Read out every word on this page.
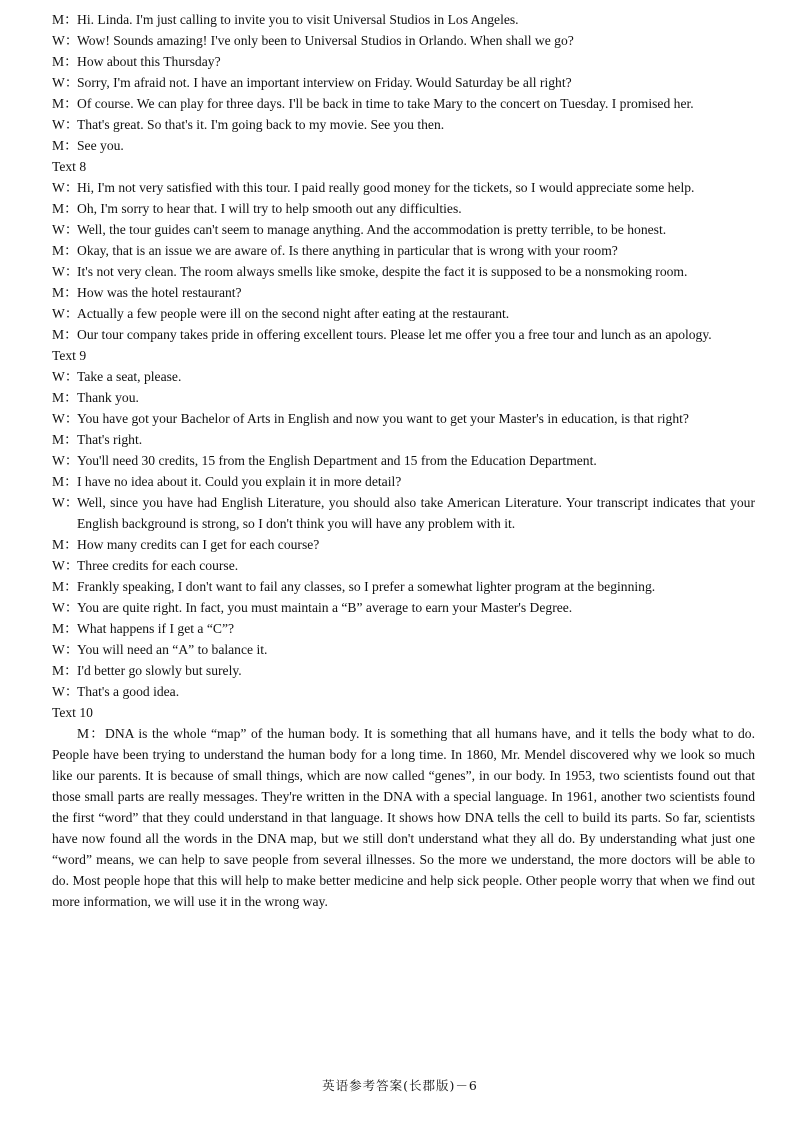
M： Hi. Linda. I'm just calling to invite you to visit Universal Studios in Los Angeles.
W：
Wow! Sounds amazing! I've only been to Universal Studios in Orlando. When shall we go?
M： How about this Thursday?
W：
Sorry, I'm afraid not. I have an important interview on Friday. Would Saturday be all right?
M： Of course. We can play for three days. I'll be back in time to take Mary to the concert on Tuesday. I promised her.
W：
That's great. So that's it. I'm going back to my movie. See you then.
M： See you.
Text 8
W：
Hi, I'm not very satisfied with this tour. I paid really good money for the tickets, so I would appreciate some help.
M： Oh, I'm sorry to hear that. I will try to help smooth out any difficulties.
W：
Well, the tour guides can't seem to manage anything. And the accommodation is pretty terrible, to be honest.
M： Okay, that is an issue we are aware of. Is there anything in particular that is wrong with your room?
W：
It's not very clean. The room always smells like smoke, despite the fact it is supposed to be a nonsmoking room.
M： How was the hotel restaurant?
W：
Actually a few people were ill on the second night after eating at the restaurant.
M： Our tour company takes pride in offering excellent tours. Please let me offer you a free tour and lunch as an apology.
Text 9
W：
Take a seat, please.
M： Thank you.
W：
You have got your Bachelor of Arts in English and now you want to get your Master's in education, is that right?
M： That's right.
W：
You'll need 30 credits, 15 from the English Department and 15 from the Education Department.
M： I have no idea about it. Could you explain it in more detail?
W：
Well, since you have had English Literature, you should also take American Literature. Your transcript indicates that your English background is strong, so I don't think you will have any problem with it.
M： How many credits can I get for each course?
W：
Three credits for each course.
M： Frankly speaking, I don't want to fail any classes, so I prefer a somewhat lighter program at the beginning.
W：
You are quite right. In fact, you must maintain a “B” average to earn your Master's Degree.
M： What happens if I get a “C”?
W：
You will need an “A” to balance it.
M： I'd better go slowly but surely.
W：
That's a good idea.
Text 10
M：DNA is the whole “map” of the human body. It is something that all humans have, and it tells the body what to do. People have been trying to understand the human body for a long time. In 1860, Mr. Mendel discovered why we look so much like our parents. It is because of small things, which are now called “genes”, in our body. In 1953, two scientists found out that those small parts are really messages. They're written in the DNA with a special language. In 1961, another two scientists found the first “word” that they could understand in that language. It shows how DNA tells the cell to build its parts. So far, scientists have now found all the words in the DNA map, but we still don't understand what they all do. By understanding what just one “word” means, we can help to save people from several illnesses. So the more we understand, the more doctors will be able to do. Most people hope that this will help to make better medicine and help sick people. Other people worry that when we find out more information, we will use it in the wrong way.
英语参考答案(长郡版)－6
